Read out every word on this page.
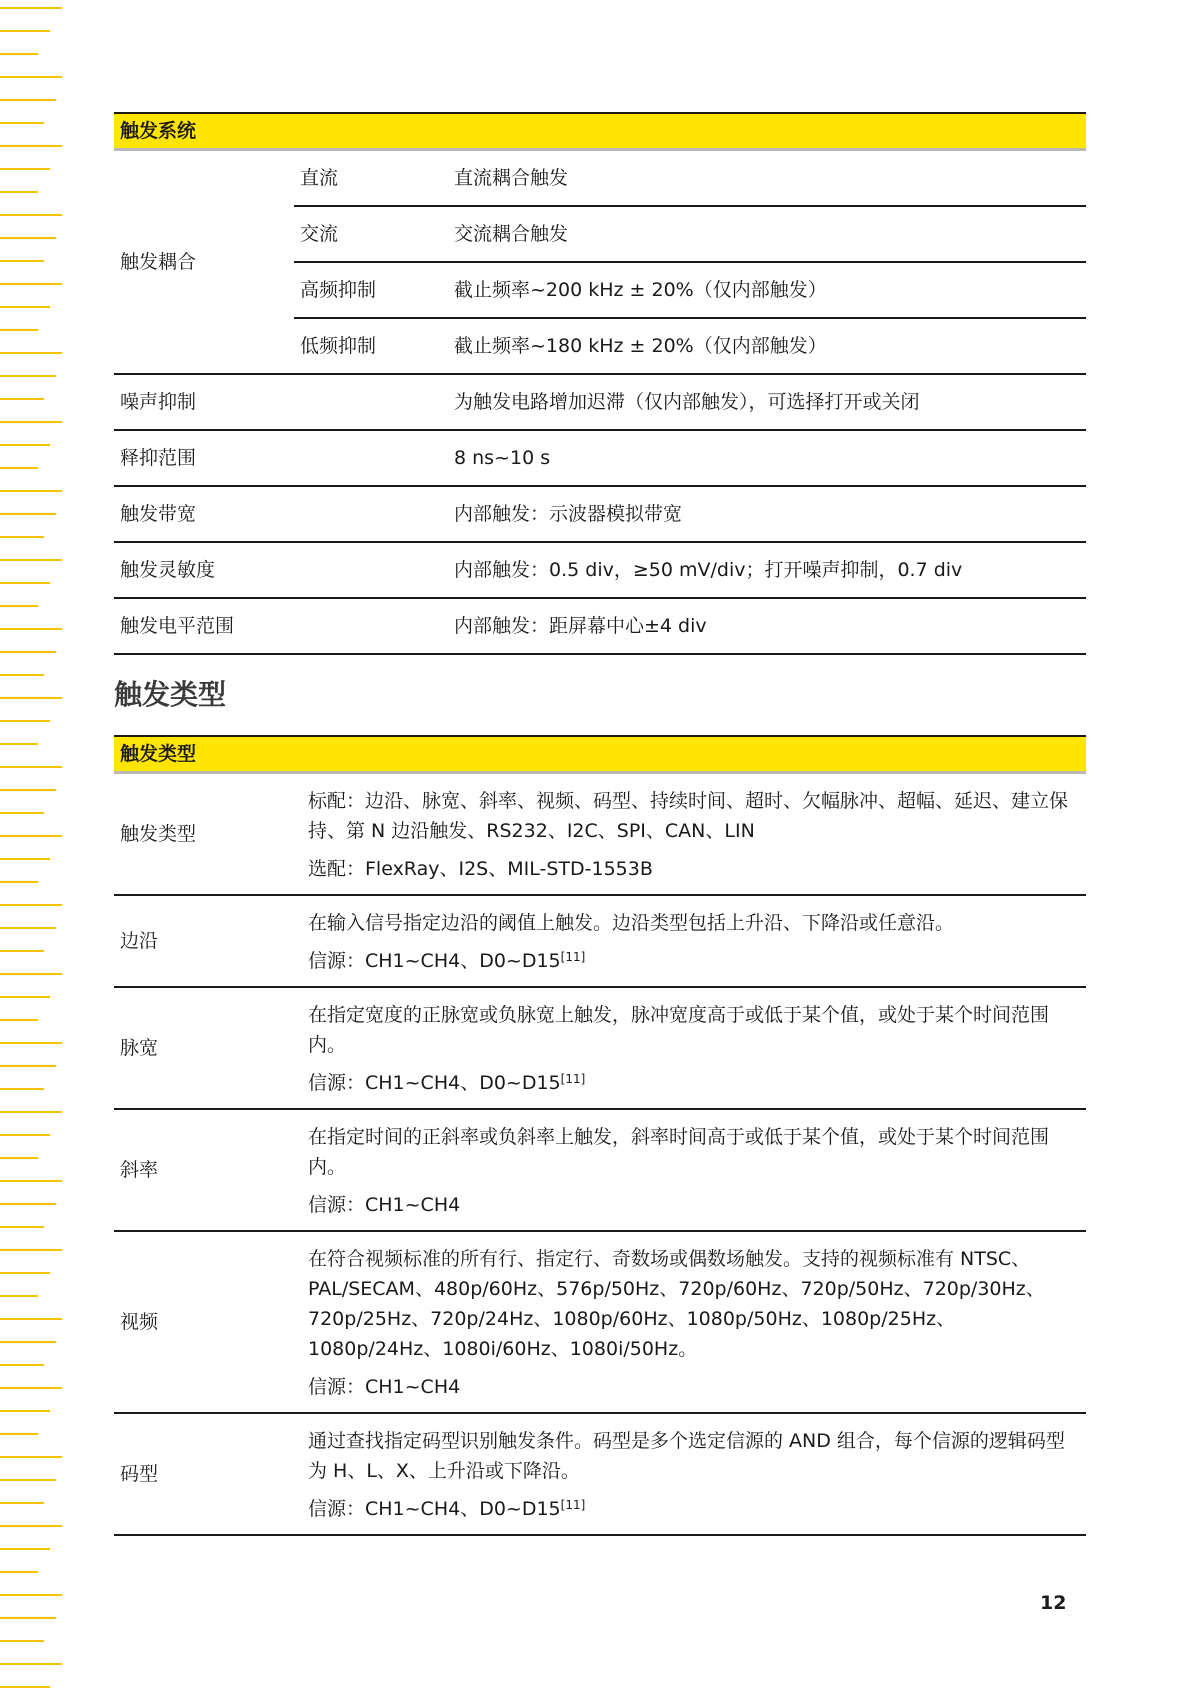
触发系统		
触发耦合	直流	直流耦合触发
	交流	交流耦合触发
	高频抑制	截止频率~200 kHz ± 20%（仅内部触发）
	低频抑制	截止频率~180 kHz ± 20%（仅内部触发）
噪声抑制		为触发电路增加迟滞（仅内部触发），可选择打开或关闭
释抑范围		8 ns~10 s
触发带宽		内部触发：示波器模拟带宽
触发灵敏度		内部触发：0.5 div，≥50 mV/div；打开噪声抑制，0.7 div
触发电平范围		内部触发：距屏幕中心±4 div
触发类型
触发类型	
触发类型	标配：边沿、脉宽、斜率、视频、码型、持续时间、超时、欠幅脉冲、超幅、延迟、建立保持、第 N 边沿触发、RS232、I2C、SPI、CAN、LIN

选配：FlexRay、I2S、MIL-STD-1553B

边沿	在输入信号指定边沿的阈值上触发。边沿类型包括上升沿、下降沿或任意沿。

信源：CH1~CH4、D0~D15[11]

脉宽	在指定宽度的正脉宽或负脉宽上触发，脉冲宽度高于或低于某个值，或处于某个时间范围内。

信源：CH1~CH4、D0~D15[11]

斜率	在指定时间的正斜率或负斜率上触发，斜率时间高于或低于某个值，或处于某个时间范围内。

信源：CH1~CH4

视频	在符合视频标准的所有行、指定行、奇数场或偶数场触发。支持的视频标准有 NTSC、PAL/SECAM、480p/60Hz、576p/50Hz、720p/60Hz、720p/50Hz、720p/30Hz、720p/25Hz、720p/24Hz、1080p/60Hz、1080p/50Hz、1080p/25Hz、1080p/24Hz、1080i/60Hz、1080i/50Hz。

信源：CH1~CH4

码型	通过查找指定码型识别触发条件。码型是多个选定信源的 AND 组合，每个信源的逻辑码型为 H、L、X、上升沿或下降沿。

信源：CH1~CH4、D0~D15[11]

12
